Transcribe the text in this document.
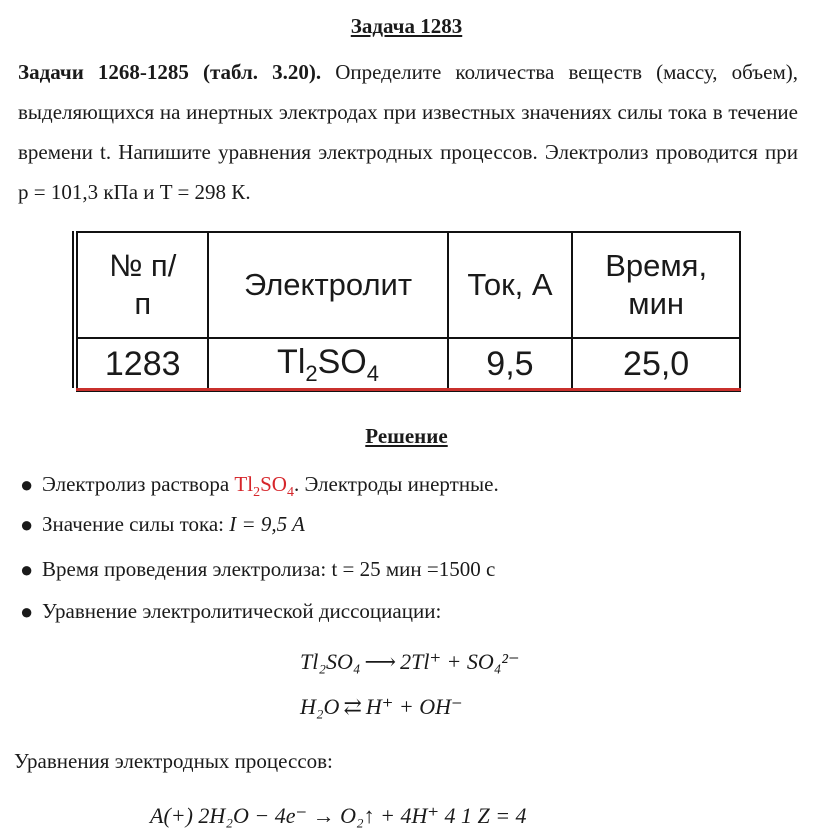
Задача 1283
Задачи 1268-1285 (табл. 3.20). Определите количества веществ (массу, объем), выделяющихся на инертных электродах при известных значениях силы тока в течение времени t. Напишите уравнения электродных процессов. Электролиз проводится при p = 101,3 кПа и T = 298 К.
№ п/п	Электролит	Ток, А	Время, мин
1283	$Tl_2SO_4$	9,5	25,0
Решение
● Электролиз раствора $Tl_2SO_4$. Электроды инертные.
● Значение силы тока: I = 9,5 A
● Время проведения электролиза: t = 25 мин =1500 с
● Уравнение электролитической диссоциации:
Tl₂SO₄ ⟶ 2Tl⁺ + SO₄²⁻
H₂O ⇄ H⁺ + OH⁻
Уравнения электродных процессов:
A(+) 2H₂O − 4e⁻ → O₂↑ + 4H⁺ 4 1 Z = 4
